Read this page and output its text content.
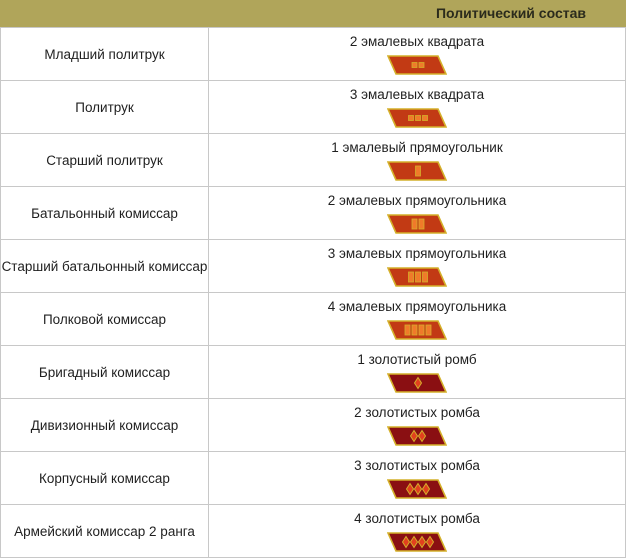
Политический состав
Младший политрук	2 эмалевых квадрата

Политрук	3 эмалевых квадрата

Старший политрук	1 эмалевый прямоугольник

Батальонный комиссар	2 эмалевых прямоугольника

Старший батальонный комиссар	3 эмалевых прямоугольника

Полковой комиссар	4 эмалевых прямоугольника

Бригадный комиссар	1 золотистый ромб

Дивизионный комиссар	2 золотистых ромба

Корпусный комиссар	3 золотистых ромба

Армейский комиссар 2 ранга	4 золотистых ромба
